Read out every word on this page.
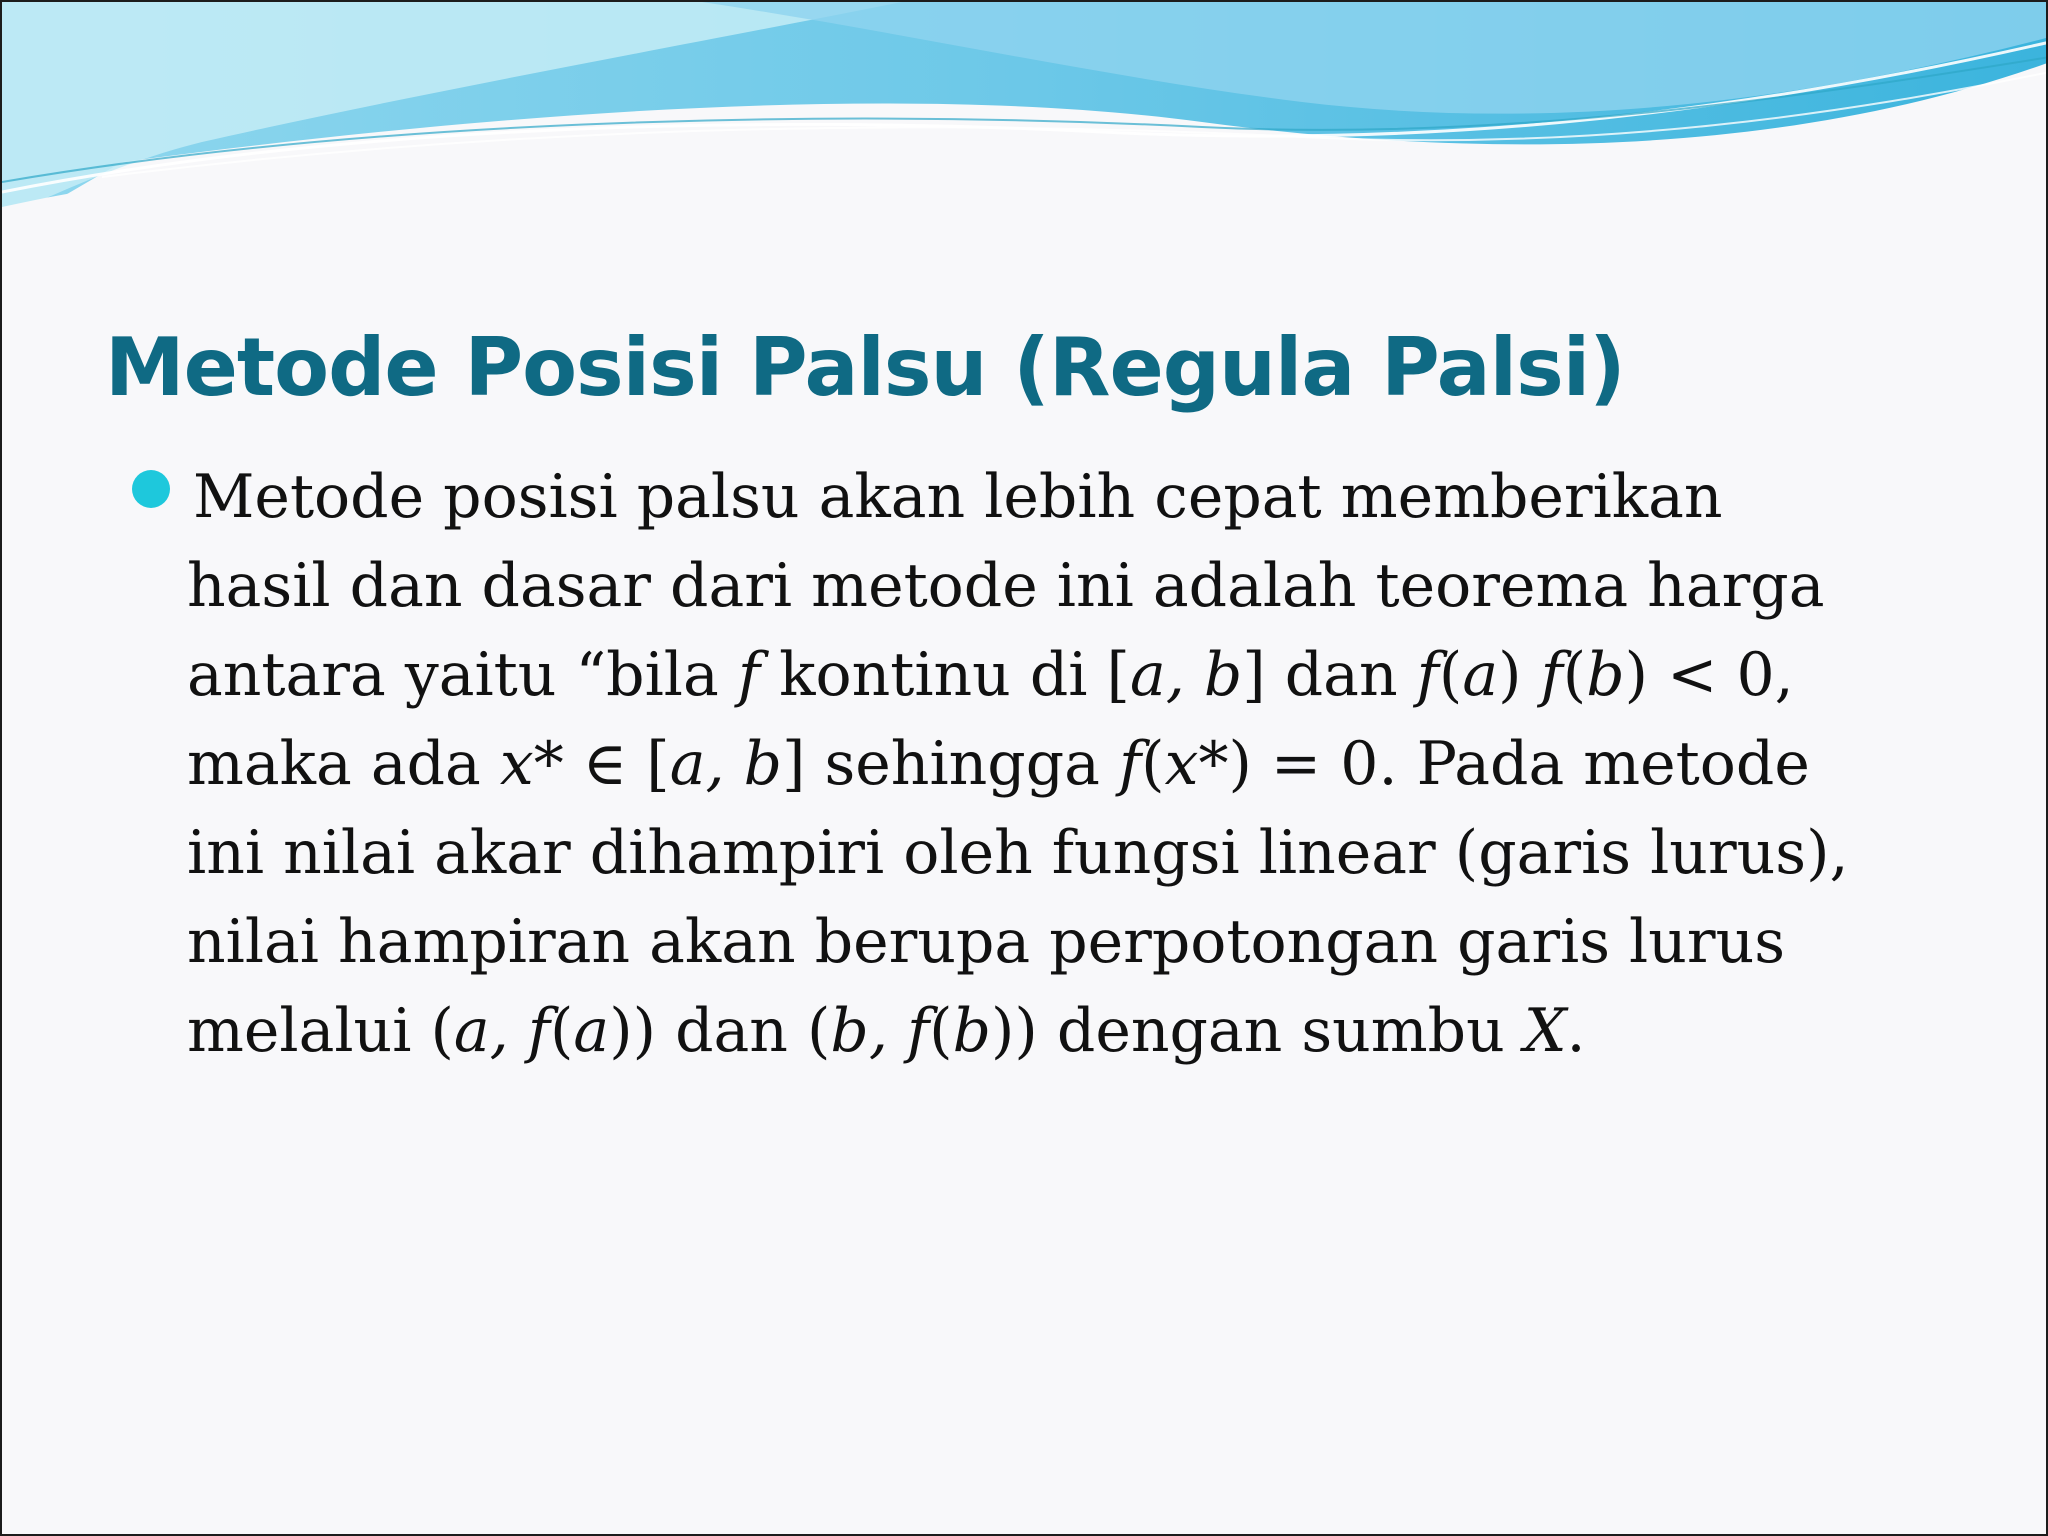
Metode Posisi Palsu (Regula Palsi)
Metode posisi palsu akan lebih cepat memberikan
hasil dan dasar dari metode ini adalah teorema harga
antara yaitu “bila f kontinu di [a, b] dan f(a) f(b) < 0,
maka ada x* ∈ [a, b] sehingga f(x*) = 0. Pada metode
ini nilai akar dihampiri oleh fungsi linear (garis lurus),
nilai hampiran akan berupa perpotongan garis lurus
melalui (a, f(a)) dan (b, f(b)) dengan sumbu X.
